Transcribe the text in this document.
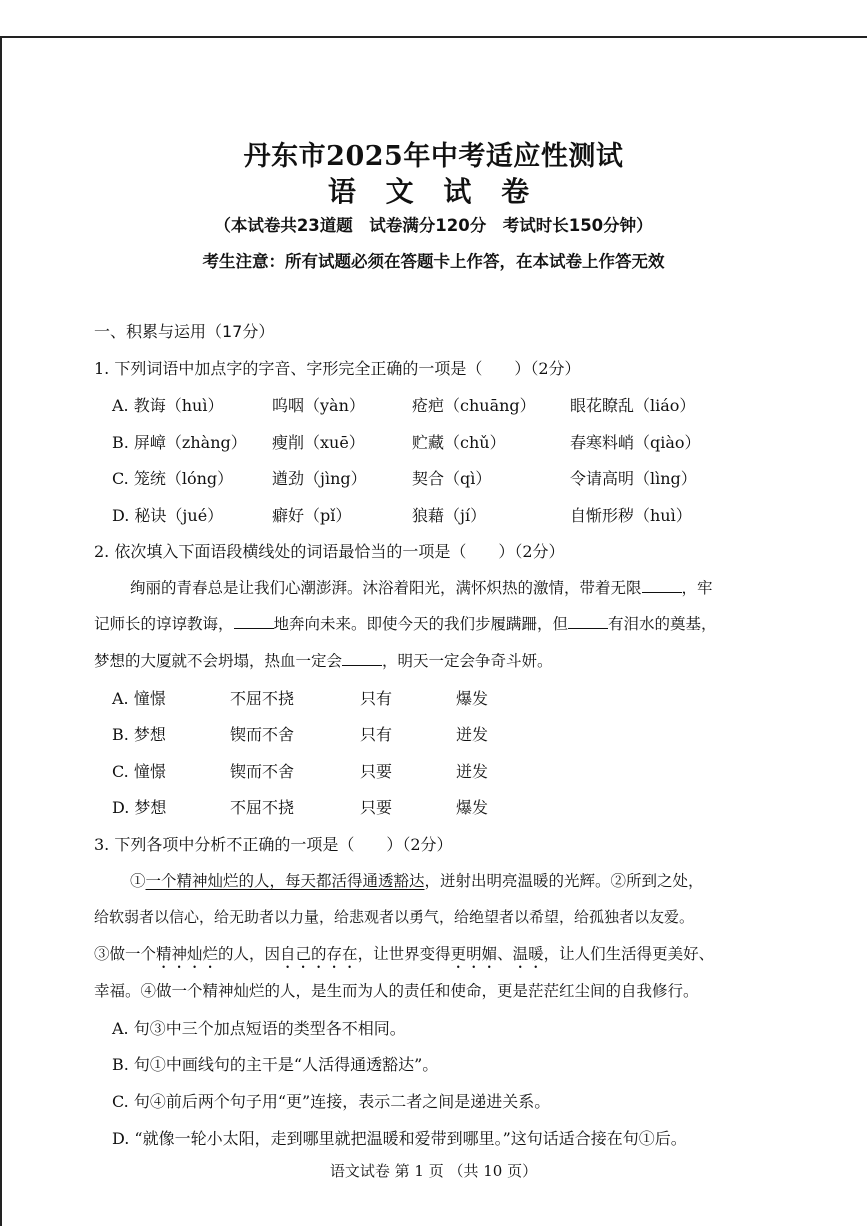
丹东市2025年中考适应性测试
语 文 试 卷
（本试卷共23道题　试卷满分120分　考试时长150分钟）
考生注意：所有试题必须在答题卡上作答，在本试卷上作答无效
一、积累与运用（17分）
1. 下列词语中加点字的字音、字形完全正确的一项是（　　）（2分）
A. 教诲（huì）	呜咽（yàn）	疮疤（chuāng） 眼花瞭乱（liáo）
B. 屏嶂（zhàng） 瘦削（xuē）	贮藏（chǔ）	春寒料峭（qiào）
C. 笼统（lóng） 遒劲（jìng）	契合（qì）	令请高明（lìng）
D. 秘诀（jué）	癖好（pǐ）	狼藉（jí）	自惭形秽（huì）
2. 依次填入下面语段横线处的词语最恰当的一项是（　　）（2分）
绚丽的青春总是让我们心潮澎湃。沐浴着阳光，满怀炽热的激情，带着无限	，牢
记师长的谆谆教诲，	地奔向未来。即使今天的我们步履蹒跚，但	有泪水的奠基，
梦想的大厦就不会坍塌，热血一定会	，明天一定会争奇斗妍。
A. 憧憬	不屈不挠	只有	爆发
B. 梦想	锲而不舍	只有	迸发
C. 憧憬	锲而不舍	只要	迸发
D. 梦想	不屈不挠	只要	爆发
3. 下列各项中分析不正确的一项是（　　）（2分）
①一个精神灿烂的人，每天都活得通透豁达，迸射出明亮温暖的光辉。②所到之处，
给软弱者以信心，给无助者以力量，给悲观者以勇气，给绝望者以希望，给孤独者以友爱。
③做一个精神灿烂的人，因自己的存在，让世界变得更明媚、温暖，让人们生活得更美好、
幸福。④做一个精神灿烂的人，是生而为人的责任和使命，更是茫茫红尘间的自我修行。
A. 句③中三个加点短语的类型各不相同。
B. 句①中画线句的主干是“人活得通透豁达”。
C. 句④前后两个句子用“更”连接，表示二者之间是递进关系。
D. “就像一轮小太阳，走到哪里就把温暖和爱带到哪里。”这句话适合接在句①后。
语文试卷 第 1 页 （共 10 页）
